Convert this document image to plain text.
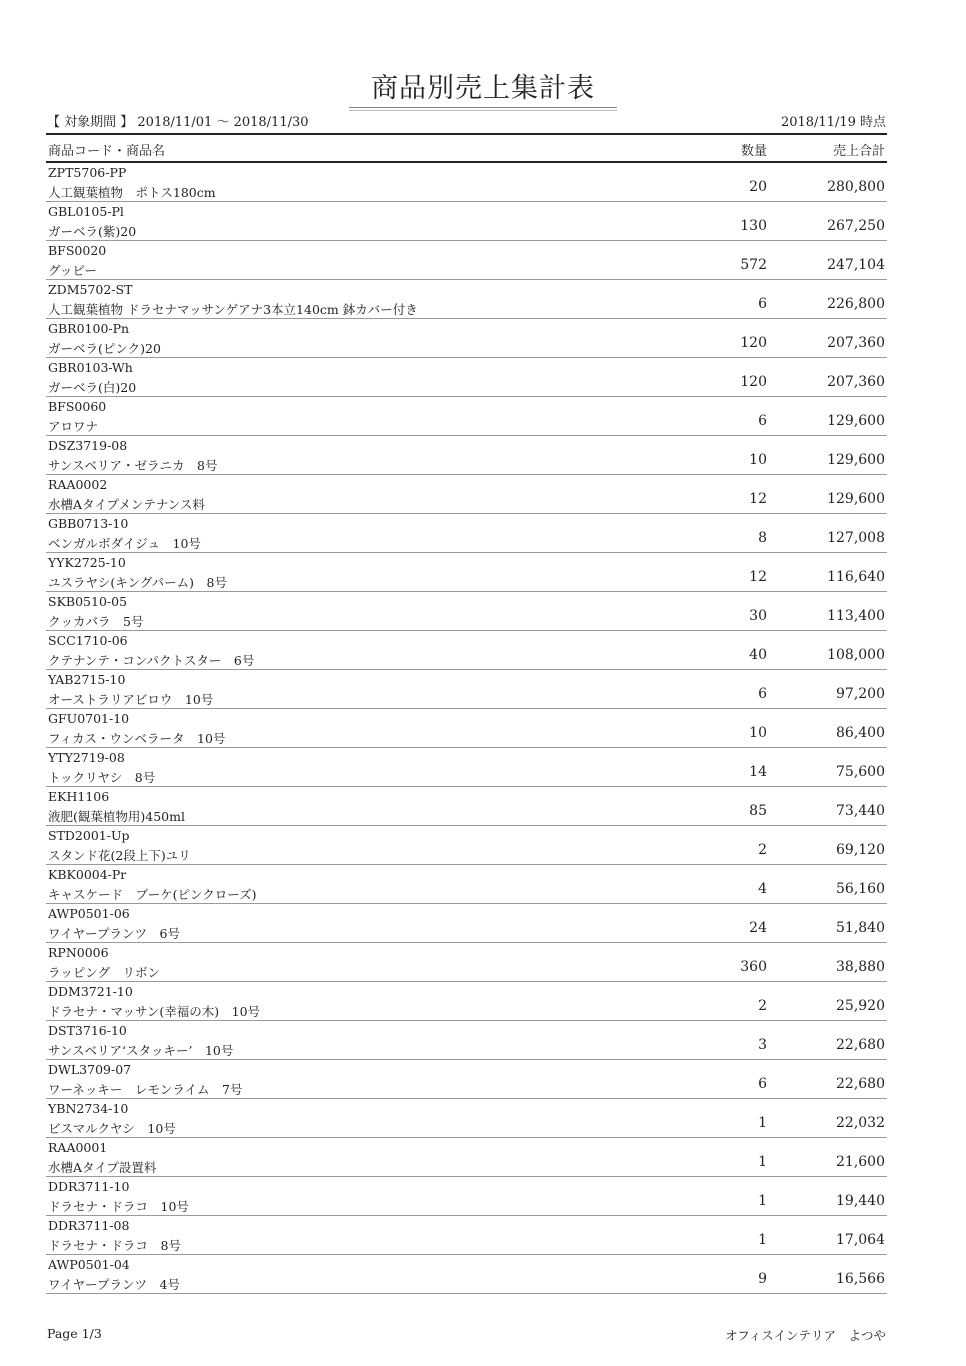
商品別売上集計表
【 対象期間 】 2018/11/01 〜 2018/11/30	2018/11/19 時点
商品コード・商品名	数量	売上合計
ZPT5706-PP
人工観葉植物　ポトス180cm	20	280,800
GBL0105-Pl
ガーベラ(紫)20	130	267,250
BFS0020
グッピー	572	247,104
ZDM5702-ST
人工観葉植物 ドラセナマッサンゲアナ3本立140cm 鉢カバー付き	6	226,800
GBR0100-Pn
ガーベラ(ピンク)20	120	207,360
GBR0103-Wh
ガーベラ(白)20	120	207,360
BFS0060
アロワナ	6	129,600
DSZ3719-08
サンスベリア・ゼラニカ　8号	10	129,600
RAA0002
水槽Aタイプメンテナンス料	12	129,600
GBB0713-10
ベンガルボダイジュ　10号	8	127,008
YYK2725-10
ユスラヤシ(キングパーム)　8号	12	116,640
SKB0510-05
クッカバラ　5号	30	113,400
SCC1710-06
クテナンテ・コンパクトスター　6号	40	108,000
YAB2715-10
オーストラリアビロウ　10号	6	97,200
GFU0701-10
フィカス・ウンベラータ　10号	10	86,400
YTY2719-08
トックリヤシ　8号	14	75,600
EKH1106
液肥(観葉植物用)450ml	85	73,440
STD2001-Up
スタンド花(2段上下)ユリ	2	69,120
KBK0004-Pr
キャスケード　ブーケ(ピンクローズ)	4	56,160
AWP0501-06
ワイヤープランツ　6号	24	51,840
RPN0006
ラッピング　リボン	360	38,880
DDM3721-10
ドラセナ・マッサン(幸福の木)　10号	2	25,920
DST3716-10
サンスベリア‘スタッキー’　10号	3	22,680
DWL3709-07
ワーネッキー　レモンライム　7号	6	22,680
YBN2734-10
ビスマルクヤシ　10号	1	22,032
RAA0001
水槽Aタイプ設置料	1	21,600
DDR3711-10
ドラセナ・ドラコ　10号	1	19,440
DDR3711-08
ドラセナ・ドラコ　8号	1	17,064
AWP0501-04
ワイヤープランツ　4号	9	16,566
Page 1/3	オフィスインテリア　よつや
